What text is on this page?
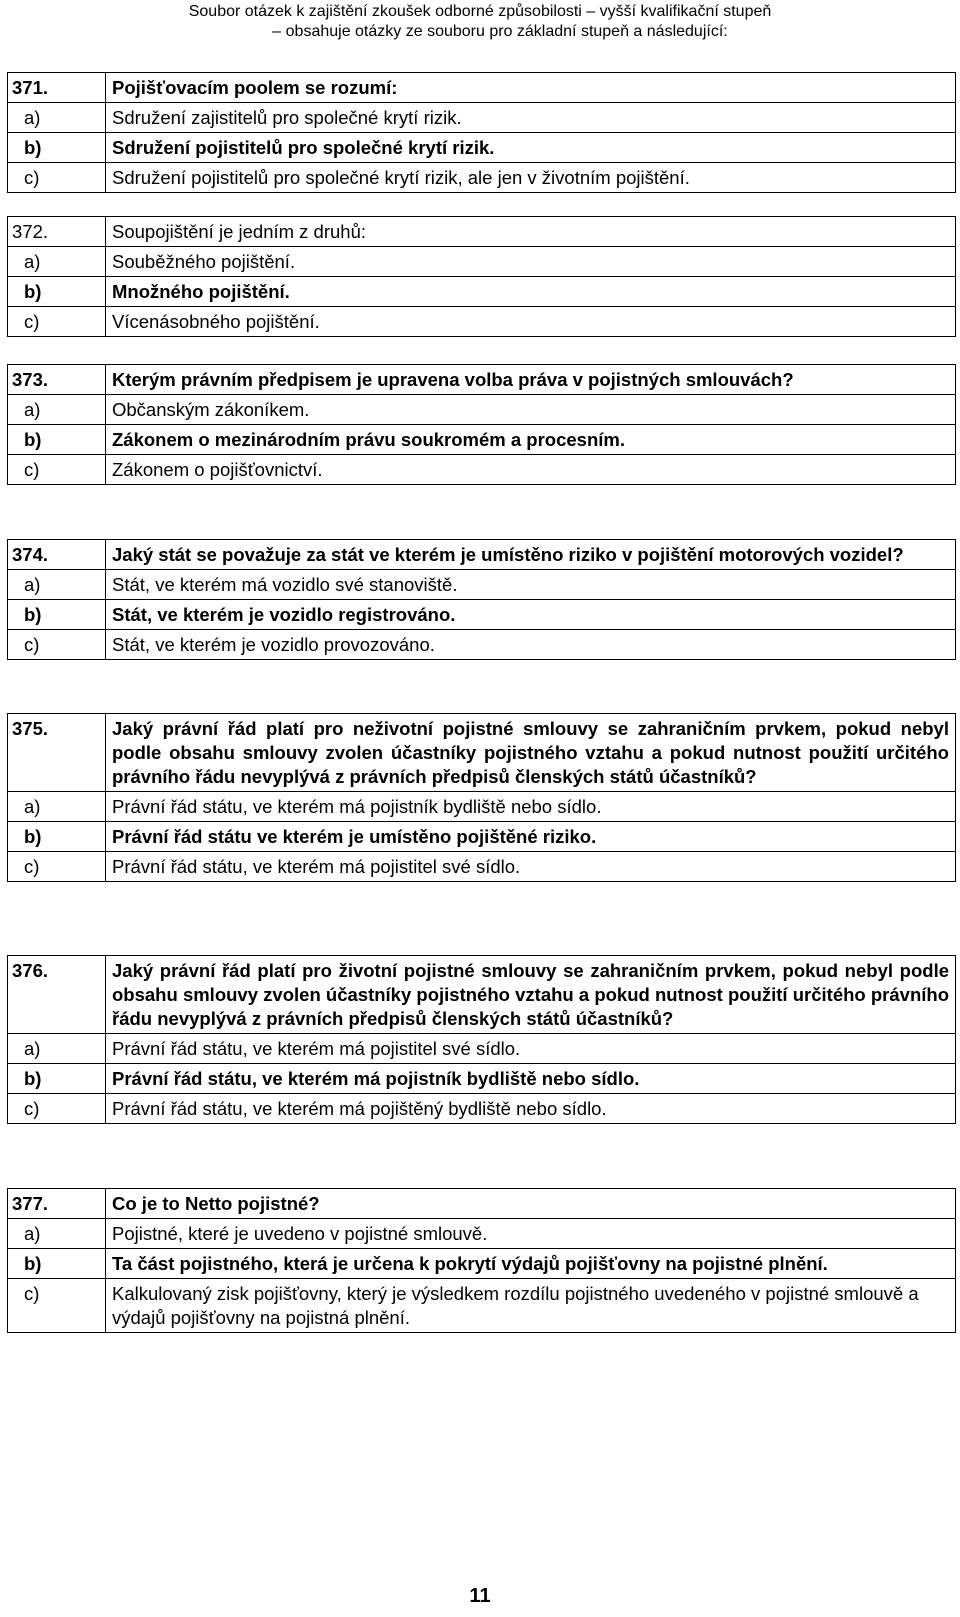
Soubor otázek k zajištění zkoušek odborné způsobilosti – vyšší kvalifikační stupeň
– obsahuje otázky ze souboru pro základní stupeň a následující:
371.	Pojišťovacím poolem se rozumí:
a)	Sdružení zajistitelů pro společné krytí rizik.
b)	Sdružení pojistitelů pro společné krytí rizik.
c)	Sdružení pojistitelů pro společné krytí rizik, ale jen v životním pojištění.
372.	Soupojištění je jedním z druhů:
a)	Souběžného pojištění.
b)	Množného pojištění.
c)	Vícenásobného pojištění.
373.	Kterým právním předpisem je upravena volba práva v pojistných smlouvách?
a)	Občanským zákoníkem.
b)	Zákonem o mezinárodním právu soukromém a procesním.
c)	Zákonem o pojišťovnictví.
374.	Jaký stát se považuje za stát ve kterém je umístěno riziko v pojištění motorových vozidel?
a)	Stát, ve kterém má vozidlo své stanoviště.
b)	Stát, ve kterém je vozidlo registrováno.
c)	Stát, ve kterém je vozidlo provozováno.
375.	Jaký právní řád platí pro neživotní pojistné smlouvy se zahraničním prvkem, pokud nebyl podle obsahu smlouvy zvolen účastníky pojistného vztahu a pokud nutnost použití určitého právního řádu nevyplývá z právních předpisů členských států účastníků?
a)	Právní řád státu, ve kterém má pojistník bydliště nebo sídlo.
b)	Právní řád státu ve kterém je umístěno pojištěné riziko.
c)	Právní řád státu, ve kterém má pojistitel své sídlo.
376.	Jaký právní řád platí pro životní pojistné smlouvy se zahraničním prvkem, pokud nebyl podle obsahu smlouvy zvolen účastníky pojistného vztahu a pokud nutnost použití určitého právního řádu nevyplývá z právních předpisů členských států účastníků?
a)	Právní řád státu, ve kterém má pojistitel své sídlo.
b)	Právní řád státu, ve kterém má pojistník bydliště nebo sídlo.
c)	Právní řád státu, ve kterém má pojištěný bydliště nebo sídlo.
377.	Co je to Netto pojistné?
a)	Pojistné, které je uvedeno v pojistné smlouvě.
b)	Ta část pojistného, která je určena k pokrytí výdajů pojišťovny na pojistné plnění.
c)	Kalkulovaný zisk pojišťovny, který je výsledkem rozdílu pojistného uvedeného v pojistné smlouvě a výdajů pojišťovny na pojistná plnění.
11
